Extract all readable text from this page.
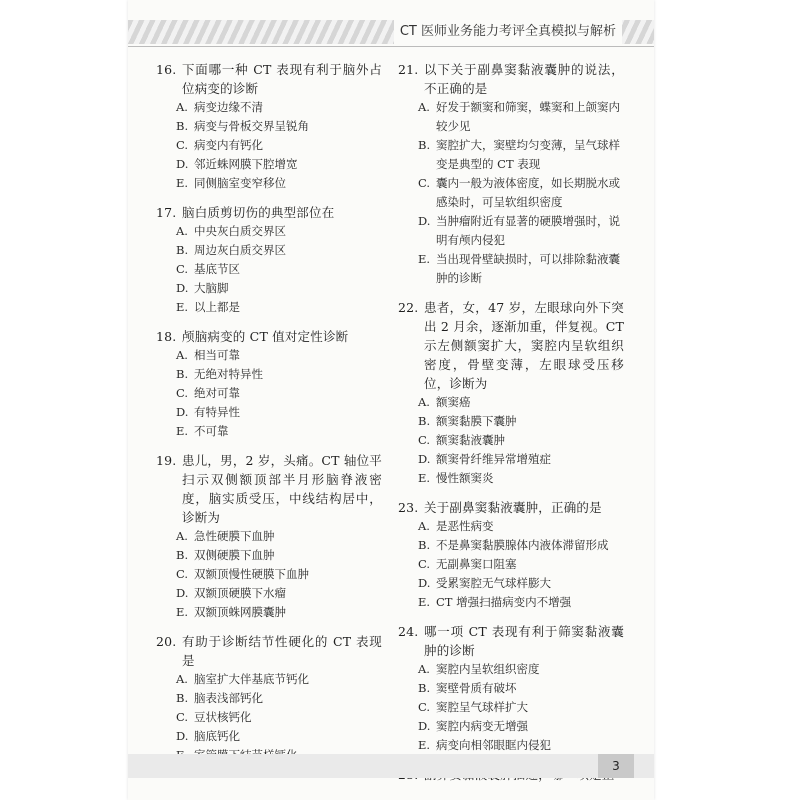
CT 医师业务能力考评全真模拟与解析
16. 下面哪一种 CT 表现有利于脑外占位病变的诊断
A. 病变边缘不清
B. 病变与骨板交界呈锐角
C. 病变内有钙化
D. 邻近蛛网膜下腔增宽
E. 同侧脑室变窄移位
17. 脑白质剪切伤的典型部位在
A. 中央灰白质交界区
B. 周边灰白质交界区
C. 基底节区
D. 大脑脚
E. 以上都是
18. 颅脑病变的 CT 值对定性诊断
A. 相当可靠
B. 无绝对特异性
C. 绝对可靠
D. 有特异性
E. 不可靠
19. 患儿，男，2 岁，头痛。CT 轴位平扫示双侧额顶部半月形脑脊液密度，脑实质受压，中线结构居中，诊断为
A. 急性硬膜下血肿
B. 双侧硬膜下血肿
C. 双额顶慢性硬膜下血肿
D. 双额顶硬膜下水瘤
E. 双额顶蛛网膜囊肿
20. 有助于诊断结节性硬化的 CT 表现是
A. 脑室扩大伴基底节钙化
B. 脑表浅部钙化
C. 豆状核钙化
D. 脑底钙化
21. 以下关于副鼻窦黏液囊肿的说法，不正确的是
A. 好发于额窦和筛窦，蝶窦和上颌窦内较少见
B. 窦腔扩大，窦壁均匀变薄，呈气球样变是典型的 CT 表现
C. 囊内一般为液体密度，如长期脱水或感染时，可呈软组织密度
D. 当肿瘤附近有显著的硬膜增强时，说明有颅内侵犯
E. 当出现骨壁缺损时，可以排除黏液囊肿的诊断
22. 患者，女，47 岁，左眼球向外下突出 2 月余，逐渐加重，伴复视。CT 示左侧额窦扩大，窦腔内呈软组织密度，骨壁变薄，左眼球受压移位，诊断为
A. 额窦癌
B. 额窦黏膜下囊肿
C. 额窦黏液囊肿
D. 额窦骨纤维异常增殖症
E. 慢性额窦炎
23. 关于副鼻窦黏液囊肿，正确的是
A. 是恶性病变
B. 不是鼻窦黏膜腺体内液体滞留形成
C. 无副鼻窦口阻塞
D. 受累窦腔无气球样膨大
E. CT 增强扫描病变内不增强
24. 哪一项 CT 表现有利于筛窦黏液囊肿的诊断
A. 窦腔内呈软组织密度
B. 窦壁骨质有破坏
C. 窦腔呈气球样扩大
D. 窦腔内病变无增强
E. 病变向相邻眼眶内侵犯
3
